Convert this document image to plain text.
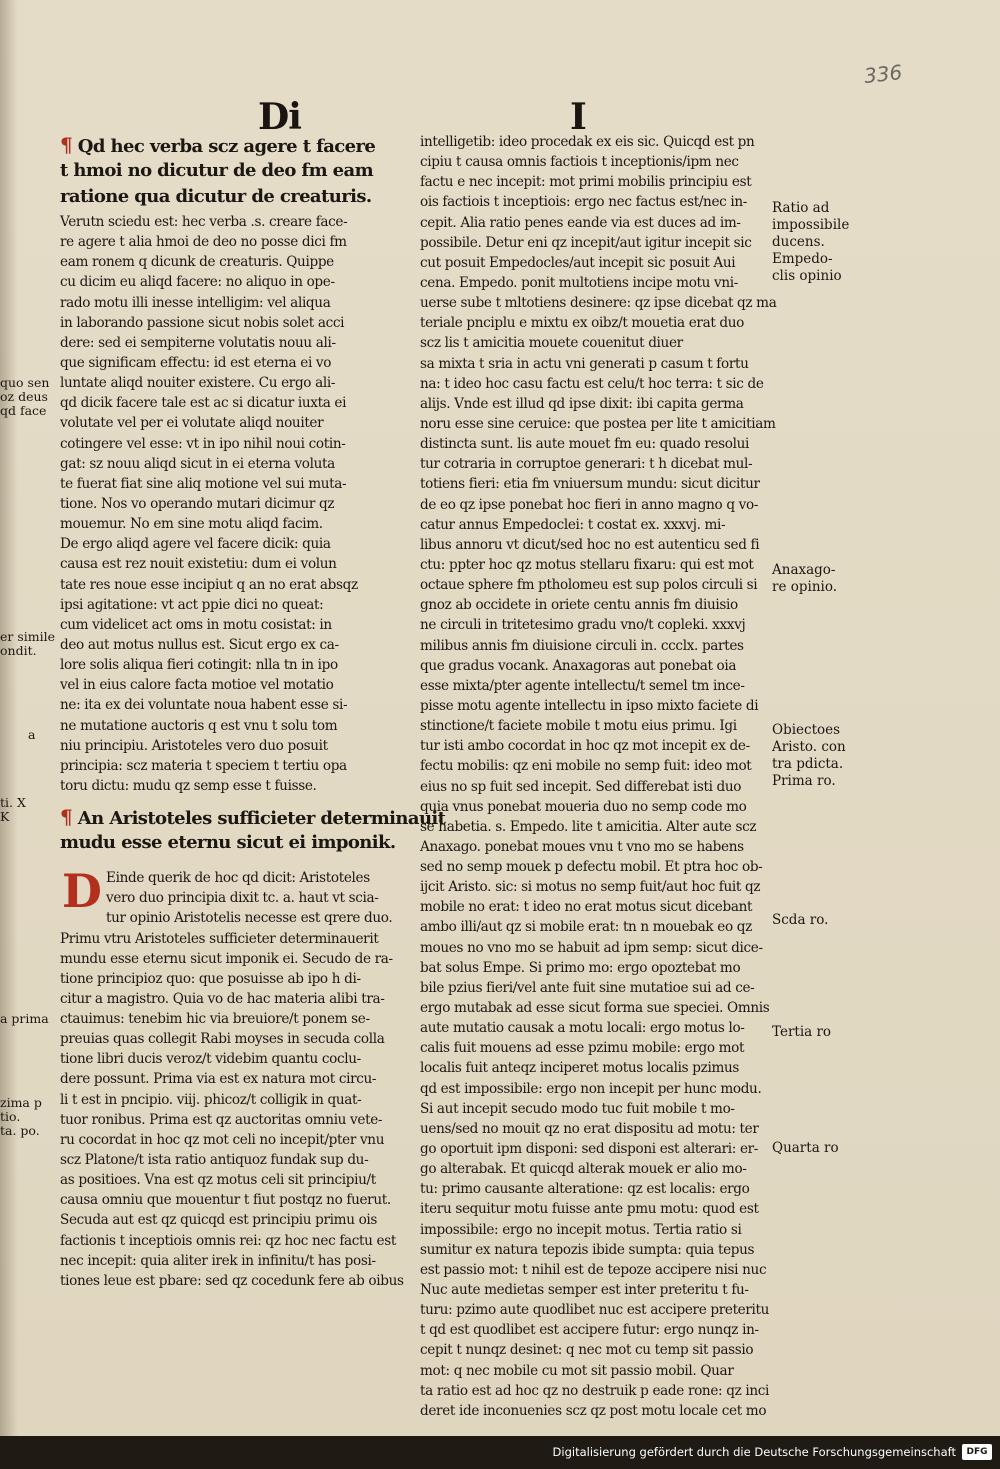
336
Di	I
¶ Qd hec verba scz agere t facere
t hmoi no dicutur de deo fm eam
ratione qua dicutur de creaturis.
Verutn sciedu est: hec verba .s. creare face-
re agere t alia hmoi de deo no posse dici fm
eam ronem q dicunk de creaturis. Quippe
cu dicim eu aliqd facere: no aliquo in ope-
rado motu illi inesse intelligim: vel aliqua
in laborando passione sicut nobis solet acci
dere: sed ei sempiterne volutatis nouu ali-
que significam effectu: id est eterna ei vo
luntate aliqd nouiter existere. Cu ergo ali-
qd dicik facere tale est ac si dicatur iuxta ei
volutate vel per ei volutate aliqd nouiter
cotingere vel esse: vt in ipo nihil noui cotin-
gat: sz nouu aliqd sicut in ei eterna voluta
te fuerat fiat sine aliq motione vel sui muta-
tione. Nos vo operando mutari dicimur qz
mouemur. No em sine motu aliqd facim.
De ergo aliqd agere vel facere dicik: quia
causa est rez nouit existetiu: dum ei volun
tate res noue esse incipiut q an no erat absqz
ipsi agitatione: vt act ppie dici no queat:
cum videlicet act oms in motu cosistat: in
deo aut motus nullus est. Sicut ergo ex ca-
lore solis aliqua fieri cotingit: nlla tn in ipo
vel in eius calore facta motioe vel motatio
ne: ita ex dei voluntate noua habent esse si-
ne mutatione auctoris q est vnu t solu tom
niu principiu. Aristoteles vero duo posuit
principia: scz materia t speciem t tertiu opa
toru dictu: mudu qz semp esse t fuisse.
¶ An Aristoteles sufficieter determinauit
mudu esse eternu sicut ei imponik.
D Einde querik de hoc qd dicit: Aristoteles
vero duo principia dixit tc. a. haut vt scia-
tur opinio Aristotelis necesse est qrere duo.
Primu vtru Aristoteles sufficieter determinauerit
mundu esse eternu sicut imponik ei. Secudo de ra-
tione principioz quo: que posuisse ab ipo h di-
citur a magistro. Quia vo de hac materia alibi tra-
ctauimus: tenebim hic via breuiore/t ponem se-
preuias quas collegit Rabi moyses in secuda colla
tione libri ducis veroz/t videbim quantu coclu-
dere possunt. Prima via est ex natura mot circu-
li t est in pncipio. viij. phicoz/t colligik in quat-
tuor ronibus. Prima est qz auctoritas omniu vete-
ru cocordat in hoc qz mot celi no incepit/pter vnu
scz Platone/t ista ratio antiquoz fundak sup du-
as positioes. Vna est qz motus celi sit principiu/t
causa omniu que mouentur t fiut postqz no fuerut.
Secuda aut est qz quicqd est principiu primu ois
factionis t inceptiois omnis rei: qz hoc nec factu est
nec incepit: quia aliter irek in infinitu/t has posi-
tiones leue est pbare: sed qz cocedunk fere ab oibus
intelligetib: ideo procedak ex eis sic. Quicqd est pn
cipiu t causa omnis factiois t inceptionis/ipm nec
factu e nec incepit: mot primi mobilis principiu est
ois factiois t inceptiois: ergo nec factus est/nec in-
cepit. Alia ratio penes eande via est duces ad im-
possibile. Detur eni qz incepit/aut igitur incepit sic
cut posuit Empedocles/aut incepit sic posuit Aui
cena. Empedo. ponit multotiens incipe motu vni-
uerse sube t mltotiens desinere: qz ipse dicebat qz ma
teriale pnciplu e mixtu ex oibz/t mouetia erat duo
scz lis t amicitia mouete couenitut diuer
sa mixta t sria in actu vni generati p casum t fortu
na: t ideo hoc casu factu est celu/t hoc terra: t sic de
alijs. Vnde est illud qd ipse dixit: ibi capita germa
noru esse sine ceruice: que postea per lite t amicitiam
distincta sunt. lis aute mouet fm eu: quado resolui
tur cotraria in corruptoe generari: t h dicebat mul-
totiens fieri: etia fm vniuersum mundu: sicut dicitur
de eo qz ipse ponebat hoc fieri in anno magno q vo-
catur annus Empedoclei: t costat ex. xxxvj. mi-
libus annoru vt dicut/sed hoc no est autenticu sed fi
ctu: ppter hoc qz motus stellaru fixaru: qui est mot
octaue sphere fm ptholomeu est sup polos circuli si
gnoz ab occidete in oriete centu annis fm diuisio
ne circuli in tritetesimo gradu vno/t copleki. xxxvj
milibus annis fm diuisione circuli in. ccclx. partes
que gradus vocank. Anaxagoras aut ponebat oia
esse mixta/pter agente intellectu/t semel tm ince-
pisse motu agente intellectu in ipso mixto faciete di
stinctione/t faciete mobile t motu eius primu. Igi
tur isti ambo cocordat in hoc qz mot incepit ex de-
fectu mobilis: qz eni mobile no semp fuit: ideo mot
eius no sp fuit sed incepit. Sed differebat isti duo
quia vnus ponebat moueria duo no semp code mo
se habetia. s. Empedo. lite t amicitia. Alter aute scz
Anaxago. ponebat moues vnu t vno mo se habens
sed no semp mouek p defectu mobil. Et ptra hoc ob-
ijcit Aristo. sic: si motus no semp fuit/aut hoc fuit qz
mobile no erat: t ideo no erat motus sicut dicebant
ambo illi/aut qz si mobile erat: tn n mouebak eo qz
moues no vno mo se habuit ad ipm semp: sicut dice-
bat solus Empe. Si primo mo: ergo opoztebat mo
bile pzius fieri/vel ante fuit sine mutatioe sui ad ce-
ergo mutabak ad esse sicut forma sue speciei. Omnis
aute mutatio causak a motu locali: ergo motus lo-
calis fuit mouens ad esse pzimu mobile: ergo mot
localis fuit anteqz inciperet motus localis pzimus
qd est impossibile: ergo non incepit per hunc modu.
Si aut incepit secudo modo tuc fuit mobile t mo-
uens/sed no mouit qz no erat dispositu ad motu: ter
go oportuit ipm disponi: sed disponi est alterari: er-
go alterabak. Et quicqd alterak mouek er alio mo-
tu: primo causante alteratione: qz est localis: ergo
iteru sequitur motu fuisse ante pmu motu: quod est
impossibile: ergo no incepit motus. Tertia ratio si
sumitur ex natura tepozis ibide sumpta: quia tepus
est passio mot: t nihil est de tepoze accipere nisi nuc
Nuc aute medietas semper est inter preteritu t fu-
turu: pzimo aute quodlibet nuc est accipere preteritu
t qd est quodlibet est accipere futur: ergo nunqz in-
cepit t nunqz desinet: q nec mot cu temp sit passio
mot: q nec mobile cu mot sit passio mobil. Quar
ta ratio est ad hoc qz no destruik p eade rone: qz inci
deret ide inconuenies scz qz post motu locale cet mo
Ratio ad
impossibile
ducens.
Empedo-
clis opinio
Anaxago-
re opinio.
Obiectoes
Aristo. con
tra pdicta.
Prima ro.
Scda ro.
Tertia ro
Quarta ro
quo sen
oz deus
qd face
er simile
ondit.
a
ti. X
K
a prima
zima p
tio.
ta. po.
Digitalisierung gefördert durch die Deutsche Forschungsgemeinschaft	DFG
